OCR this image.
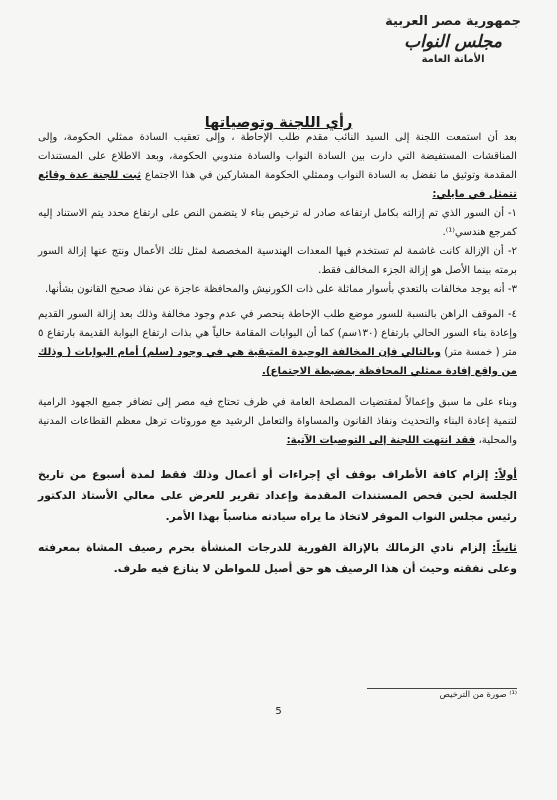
جمهورية مصر العربية
مجلس النواب
الأمانة العامة
رأي اللجنة وتوصياتها

بعد أن استمعت اللجنة إلى السيد النائب مقدم طلب الإحاطة ، وإلى تعقيب السادة ممثلي الحكومة، وإلى المناقشات المستفيضة التي دارت بين السادة النواب والسادة مندوبي الحكومة، وبعد الاطلاع على المستندات المقدمة وتوثيق ما تفضل به السادة النواب وممثلي الحكومة المشاركين في هذا الاجتماع ثبت للجنة عدة وقائع تتمثل في مايلي:

١- أن السور الذي تم إزالته بكامل ارتفاعه صادر له ترخيص بناء لا يتضمن النص على ارتفاع محدد يتم الاستناد إليه كمرجع هندسي⁽¹⁾.

٢- أن الإزالة كانت غاشمة لم تستخدم فيها المعدات الهندسية المخصصة لمثل تلك الأعمال ونتج عنها إزالة السور برمته بينما الأصل هو إزالة الجزء المخالف فقط.

٣- أنه يوجد مخالفات بالتعدي بأسوار مماثلة على ذات الكورنيش والمحافظة عاجزة عن نفاذ صحيح القانون بشأنها.

٤- الموقف الراهن بالنسبة للسور موضع طلب الإحاطة ينحصر في عدم وجود مخالفة وذلك بعد إزالة السور القديم وإعادة بناء السور الحالي بارتفاع (١٣٠سم) كما أن البوابات المقامة حالياً هي بذات ارتفاع البوابة القديمة بارتفاع ٥ متر ( خمسة متر) وبالتالي فإن المخالفة الوحيدة المتبقية هي في وجود (سلم) أمام البوابات ( وذلك من واقع إفادة ممثلي المحافظة بمضبطة الاجتماع).

وبناء على ما سبق وإعمالاً لمقتضيات المصلحة العامة في ظرف تحتاج فيه مصر إلى تضافر جميع الجهود الرامية لتنمية إعادة البناء والتحديث ونفاذ القانون والمساواة والتعامل الرشيد مع موروثات ترهل معظم القطاعات المدنية والمحلية، فقد انتهت اللجنة إلى التوصيات الآتية:

أولاً: إلزام كافة الأطراف بوقف أي إجراءات أو أعمال وذلك فقط لمدة أسبوع من تاريخ الجلسة لحين فحص المستندات المقدمة وإعداد تقرير للعرض على معالي الأستاذ الدكتور رئيس مجلس النواب الموقر لاتخاذ ما يراه سيادته مناسباً بهذا الأمر.

ثانياً: إلزام نادي الزمالك بالإزالة الفورية للدرجات المنشأة بحرم رصيف المشاة بمعرفته وعلى نفقته وحيث أن هذا الرصيف هو حق أصيل للمواطن لا ينازع فيه طرف.

⁽¹⁾ صورة من الترخيص
5
